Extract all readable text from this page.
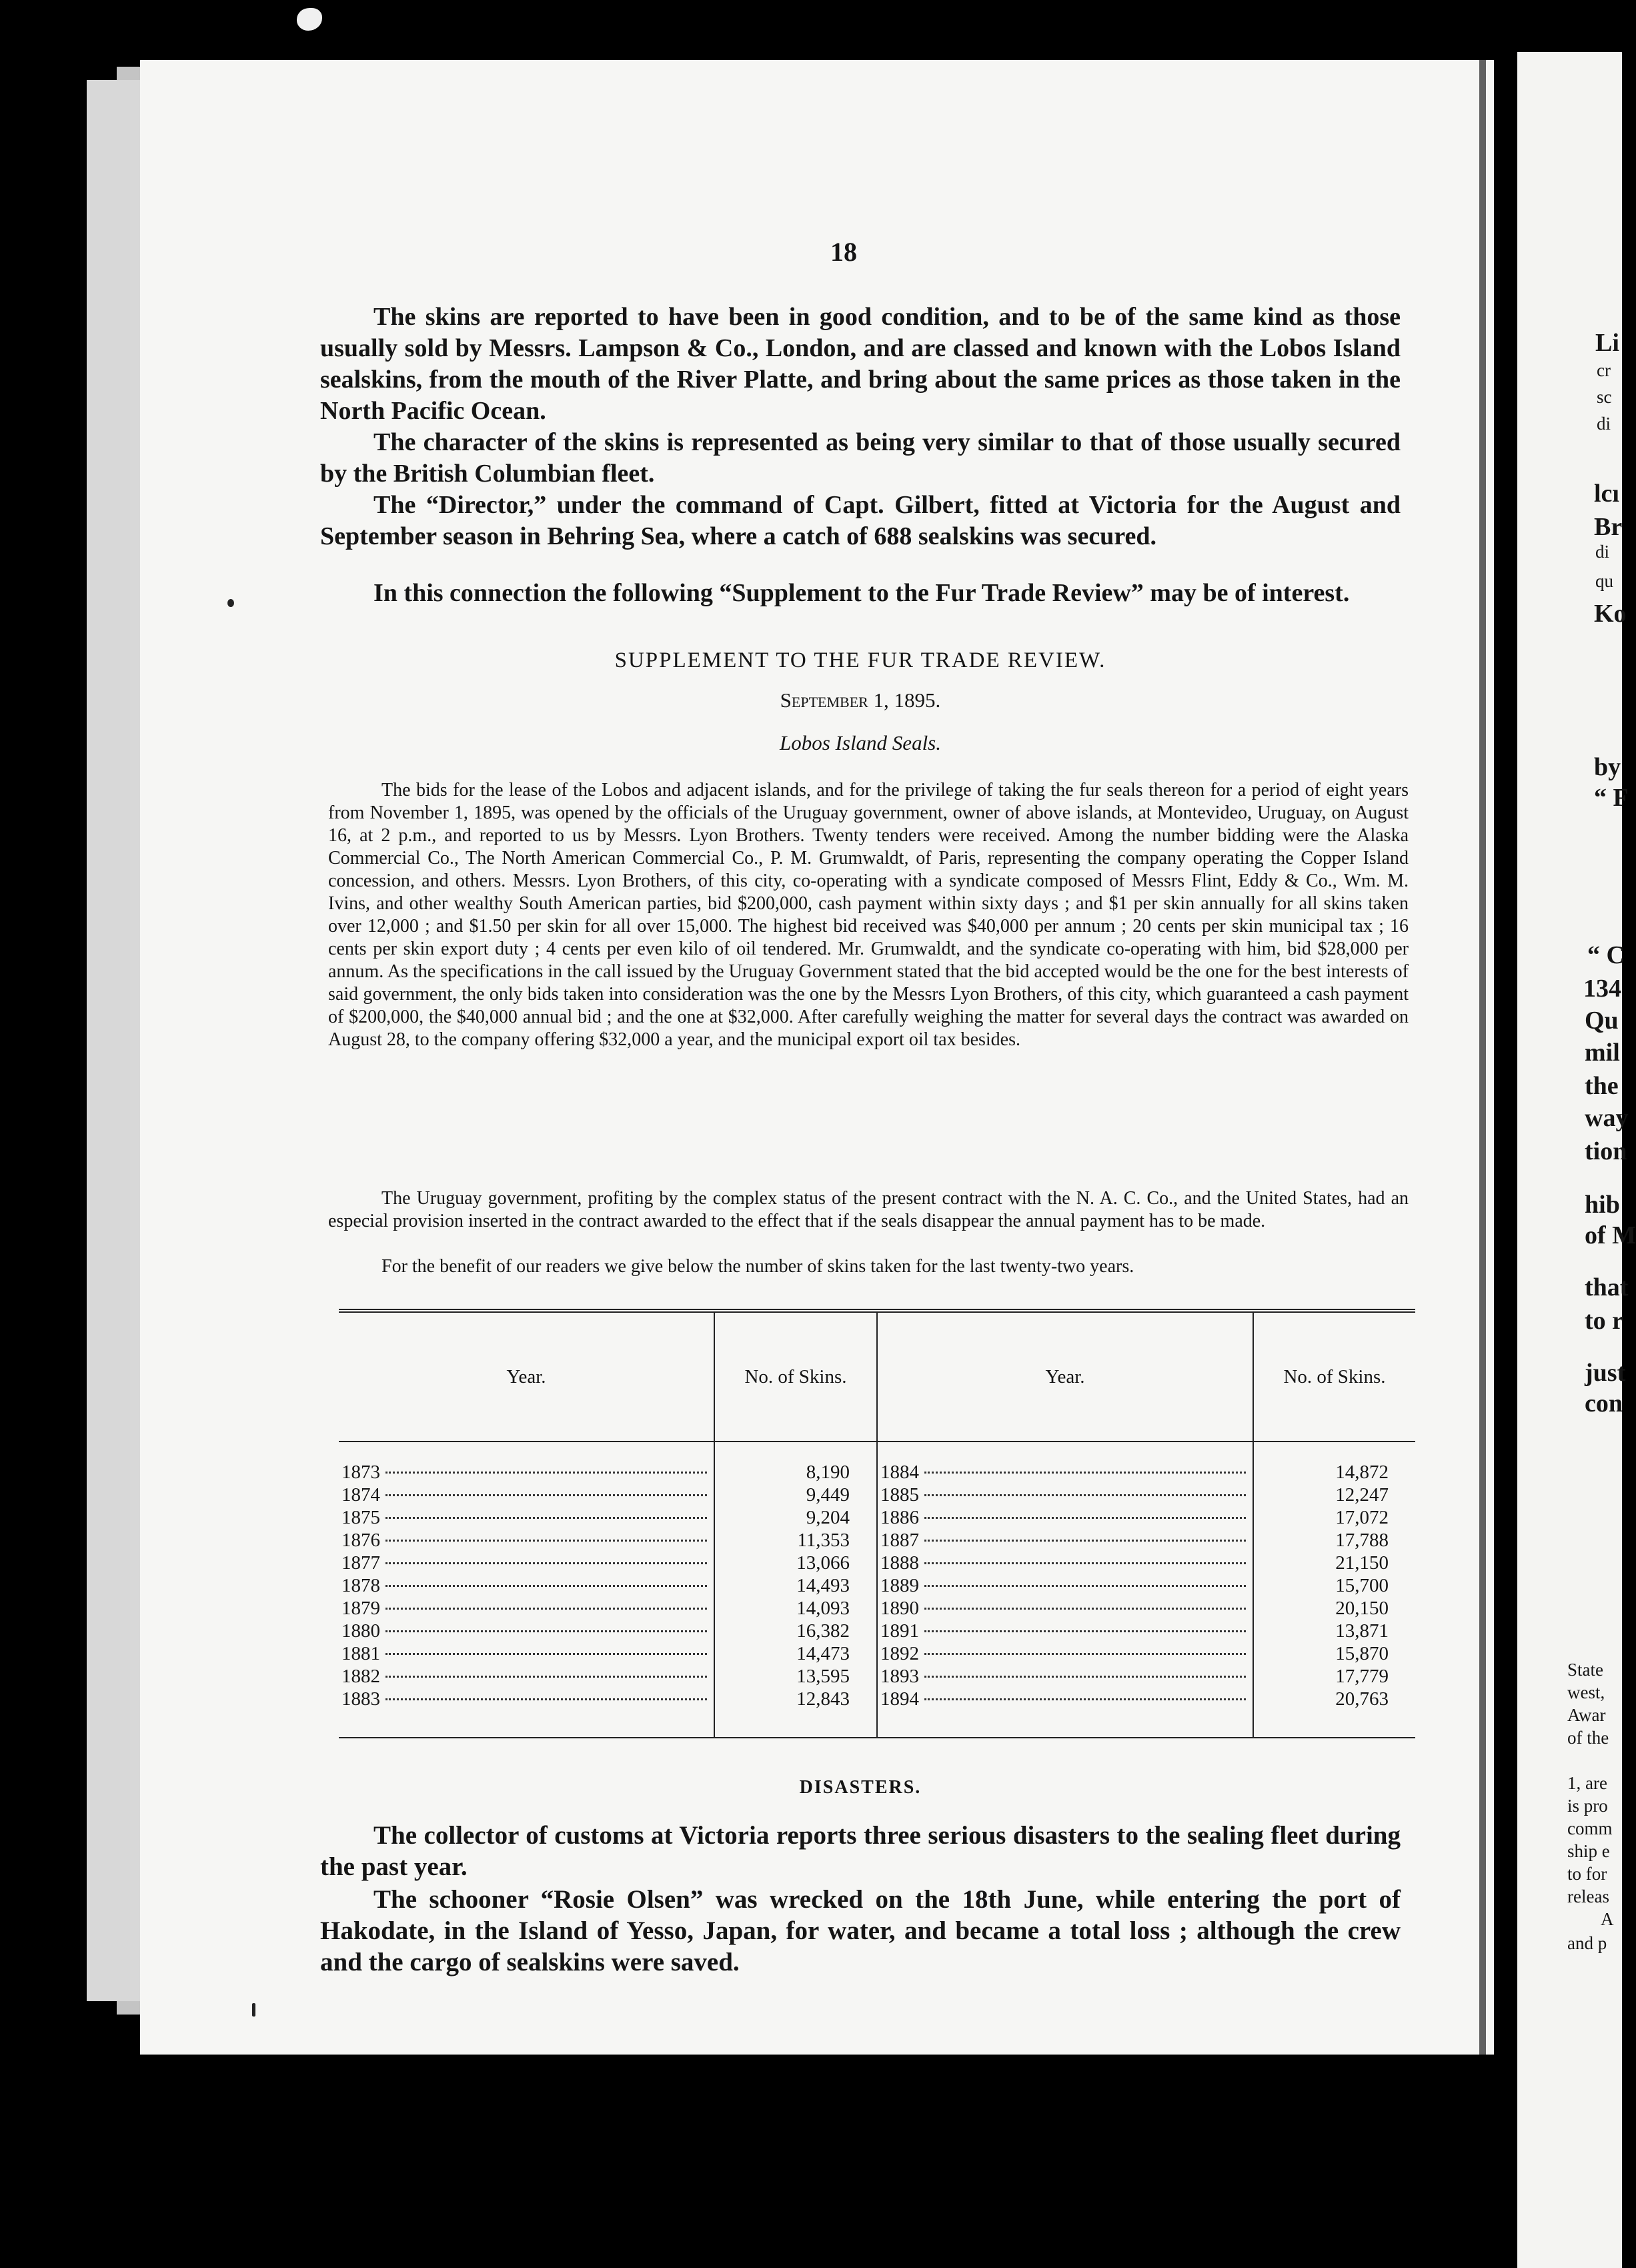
18

The skins are reported to have been in good condition, and to be of the same kind as those usually sold by Messrs. Lampson & Co., London, and are classed and known with the Lobos Island sealskins, from the mouth of the River Platte, and bring about the same prices as those taken in the North Pacific Ocean.

The character of the skins is represented as being very similar to that of those usually secured by the British Columbian fleet.

The “Director,” under the command of Capt. Gilbert, fitted at Victoria for the August and September season in Behring Sea, where a catch of 688 sealskins was secured.

In this connection the following “Supplement to the Fur Trade Review” may be of interest.

SUPPLEMENT TO THE FUR TRADE REVIEW.

September 1, 1895.

Lobos Island Seals.

The bids for the lease of the Lobos and adjacent islands, and for the privilege of taking the fur seals thereon for a period of eight years from November 1, 1895, was opened by the officials of the Uruguay government, owner of above islands, at Montevideo, Uruguay, on August 16, at 2 p.m., and reported to us by Messrs. Lyon Brothers. Twenty tenders were received. Among the number bidding were the Alaska Commercial Co., The North American Commercial Co., P. M. Grumwaldt, of Paris, representing the company operating the Copper Island concession, and others. Messrs. Lyon Brothers, of this city, co-operating with a syndicate composed of Messrs Flint, Eddy & Co., Wm. M. Ivins, and other wealthy South American parties, bid $200,000, cash payment within sixty days ; and $1 per skin annually for all skins taken over 12,000 ; and $1.50 per skin for all over 15,000. The highest bid received was $40,000 per annum ; 20 cents per skin municipal tax ; 16 cents per skin export duty ; 4 cents per even kilo of oil tendered. Mr. Grumwaldt, and the syndicate co-operating with him, bid $28,000 per annum. As the specifications in the call issued by the Uruguay Government stated that the bid accepted would be the one for the best interests of said government, the only bids taken into consideration was the one by the Messrs Lyon Brothers, of this city, which guaranteed a cash payment of $200,000, the $40,000 annual bid ; and the one at $32,000. After carefully weighing the matter for several days the contract was awarded on August 28, to the company offering $32,000 a year, and the municipal export oil tax besides.

The Uruguay government, profiting by the complex status of the present contract with the N. A. C. Co., and the United States, had an especial provision inserted in the contract awarded to the effect that if the seals disappear the annual payment has to be made.

For the benefit of our readers we give below the number of skins taken for the last twenty-two years.

Year.	No. of Skins.	Year.	No. of Skins.

1873	8,190	1884	14,872

1874	9,449	1885	12,247

1875	9,204	1886	17,072

1876	11,353	1887	17,788

1877	13,066	1888	21,150

1878	14,493	1889	15,700

1879	14,093	1890	20,150

1880	16,382	1891	13,871

1881	14,473	1892	15,870

1882	13,595	1893	17,779

1883	12,843	1894	20,763

DISASTERS.

The collector of customs at Victoria reports three serious disasters to the sealing fleet during the past year.

The schooner “Rosie Olsen” was wrecked on the 18th June, while entering the port of Hakodate, in the Island of Yesso, Japan, for water, and became a total loss ; although the crew and the cargo of sealskins were saved.

Li
cr
sc
di
lcı
Br
di
qu
Ko
by
“ F
“ C
134
Qu
mil
the
way
tion
hib
of M
that
to r
just
con
State
west,
Awar
of the
1, are
is pro
comm
ship e
to for
releas
A
and p
